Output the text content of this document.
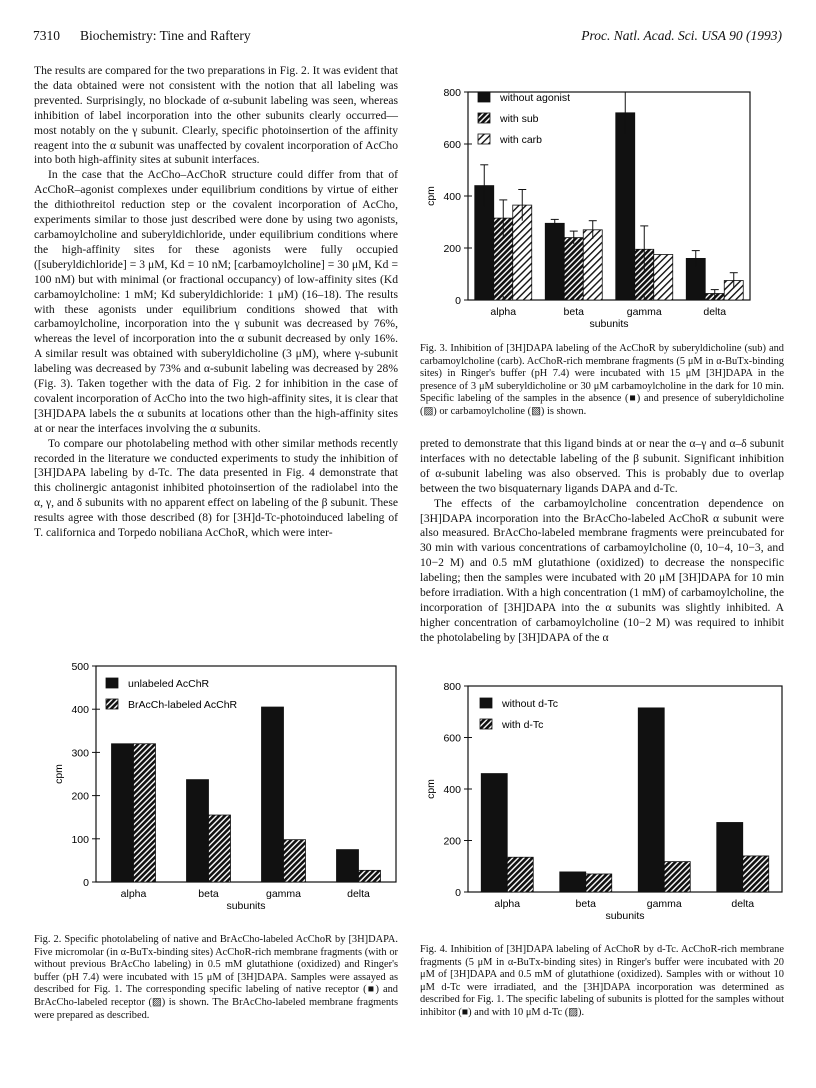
7310 Biochemistry: Tine and Raftery	Proc. Natl. Acad. Sci. USA 90 (1993)

The results are compared for the two preparations in Fig. 2. It was evident that the data obtained were not consistent with the notion that all labeling was prevented. Surprisingly, no blockade of α-subunit labeling was seen, whereas inhibition of label incorporation into the other subunits clearly occurred—most notably on the γ subunit. Clearly, specific photoinsertion of the affinity reagent into the α subunit was unaffected by covalent incorporation of AcCho into both high-affinity sites at subunit interfaces.

In the case that the AcCho–AcChoR structure could differ from that of AcChoR–agonist complexes under equilibrium conditions by virtue of either the dithiothreitol reduction step or the covalent incorporation of AcCho, experiments similar to those just described were done by using two agonists, carbamoylcholine and suberyldichloride, under equilibrium conditions where the high-affinity sites for these agonists were fully occupied ([suberyldichloride] = 3 μM, Kd = 10 nM; [carbamoylcholine] = 30 μM, Kd = 100 nM) but with minimal (or fractional occupancy) of low-affinity sites (Kd carbamoylcholine: 1 mM; Kd suberyldichloride: 1 μM) (16–18). The results with these agonists under equilibrium conditions showed that with carbamoylcholine, incorporation into the γ subunit was decreased by 76%, whereas the level of incorporation into the α subunit decreased by only 16%. A similar result was obtained with suberyldicholine (3 μM), where γ-subunit labeling was decreased by 73% and α-subunit labeling was decreased by 28% (Fig. 3). Taken together with the data of Fig. 2 for inhibition in the case of covalent incorporation of AcCho into the two high-affinity sites, it is clear that [3H]DAPA labels the α subunits at locations other than the high-affinity sites at or near the interfaces involving the α subunits.

To compare our photolabeling method with other similar methods recently recorded in the literature we conducted experiments to study the inhibition of [3H]DAPA labeling by d-Tc. The data presented in Fig. 4 demonstrate that this cholinergic antagonist inhibited photoinsertion of the radiolabel into the α, γ, and δ subunits with no apparent effect on labeling of the β subunit. These results agree with those described (8) for [3H]d-Tc-photoinduced labeling of T. californica and Torpedo nobiliana AcChoR, which were inter-

preted to demonstrate that this ligand binds at or near the α–γ and α–δ subunit interfaces with no detectable labeling of the β subunit. Significant inhibition of α-subunit labeling was also observed. This is probably due to overlap between the two bisquaternary ligands DAPA and d-Tc.

The effects of the carbamoylcholine concentration dependence on [3H]DAPA incorporation into the BrAcCho-labeled AcChoR α subunit were also measured. BrAcCho-labeled membrane fragments were preincubated for 30 min with various concentrations of carbamoylcholine (0, 10−4, 10−3, and 10−2 M) and 0.5 mM glutathione (oxidized) to decrease the nonspecific labeling; then the samples were incubated with 20 μM [3H]DAPA for 10 min before irradiation. With a high concentration (1 mM) of carbamoylcholine, the incorporation of [3H]DAPA into the α subunits was slightly inhibited. A higher concentration of carbamoylcholine (10−2 M) was required to inhibit the photolabeling by [3H]DAPA of the α

0
200
400
600
800
cpm
alpha	beta	gamma	delta
subunits
without agonist
with sub
with carb
Fig. 3. Inhibition of [3H]DAPA labeling of the AcChoR by suberyldicholine (sub) and carbamoylcholine (carb). AcChoR-rich membrane fragments (5 μM in α-BuTx-binding sites) in Ringer's buffer (pH 7.4) were incubated with 15 μM [3H]DAPA in the presence of 3 μM suberyldicholine or 30 μM carbamoylcholine in the dark for 10 min. Specific labeling of the samples in the absence (■) and presence of suberyldicholine (▨) or carbamoylcholine (▧) is shown.
0
100
200
300
400
500
cpm
alpha	beta	gamma	delta
subunits
unlabeled AcChR
BrAcCh-labeled AcChR
Fig. 2. Specific photolabeling of native and BrAcCho-labeled AcChoR by [3H]DAPA. Five micromolar (in α-BuTx-binding sites) AcChoR-rich membrane fragments (with or without previous BrAcCho labeling) in 0.5 mM glutathione (oxidized) and Ringer's buffer (pH 7.4) were incubated with 15 μM of [3H]DAPA. Samples were assayed as described for Fig. 1. The corresponding specific labeling of native receptor (■) and BrAcCho-labeled receptor (▨) is shown. The BrAcCho-labeled membrane fragments were prepared as described.
0
200
400
600
800
cpm
alpha	beta	gamma	delta
subunits
without d-Tc
with d-Tc
Fig. 4. Inhibition of [3H]DAPA labeling of AcChoR by d-Tc. AcChoR-rich membrane fragments (5 μM in α-BuTx-binding sites) in Ringer's buffer were incubated with 20 μM of [3H]DAPA and 0.5 mM of glutathione (oxidized). Samples with or without 10 μM d-Tc were irradiated, and the [3H]DAPA incorporation was determined as described for Fig. 1. The specific labeling of subunits is plotted for the samples without inhibitor (■) and with 10 μM d-Tc (▨).
